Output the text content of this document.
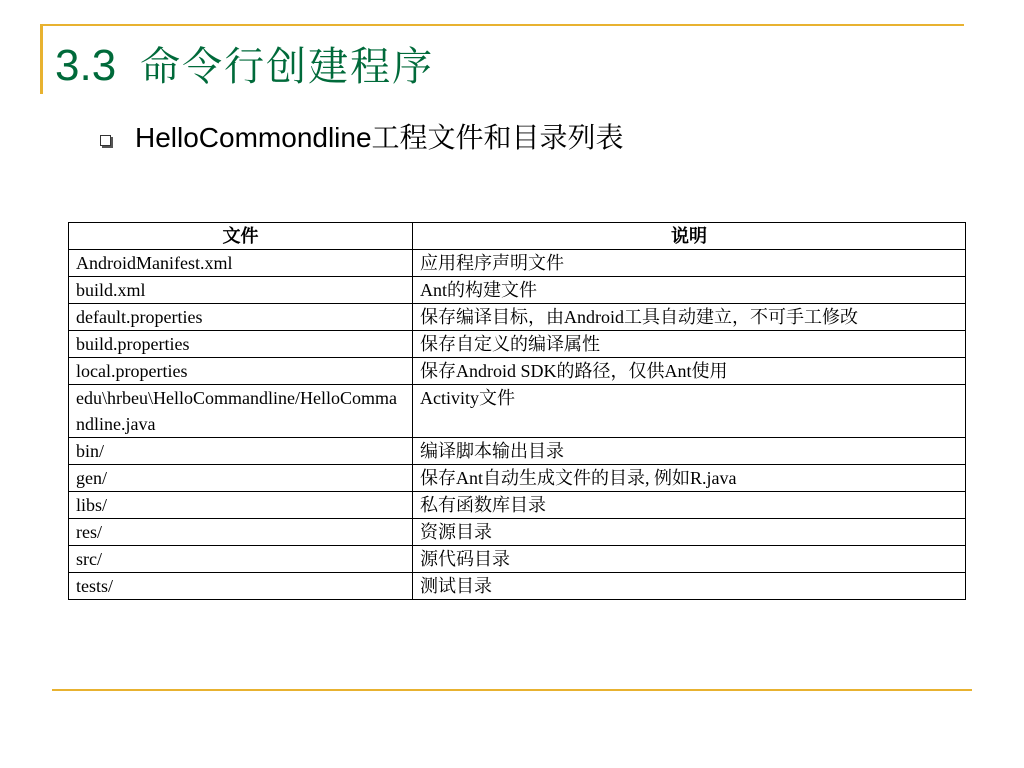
3.3 命令行创建程序
HelloCommondline工程文件和目录列表
文件	说明
AndroidManifest.xml	应用程序声明文件
build.xml	Ant的构建文件
default.properties	保存编译目标，由Android工具自动建立，不可手工修改
build.properties	保存自定义的编译属性
local.properties	保存Android SDK的路径，仅供Ant使用
edu\hrbeu\HelloCommandline/HelloCommandline.java	Activity文件
bin/	编译脚本输出目录
gen/	保存Ant自动生成文件的目录, 例如R.java
libs/	私有函数库目录
res/	资源目录
src/	源代码目录
tests/	测试目录
